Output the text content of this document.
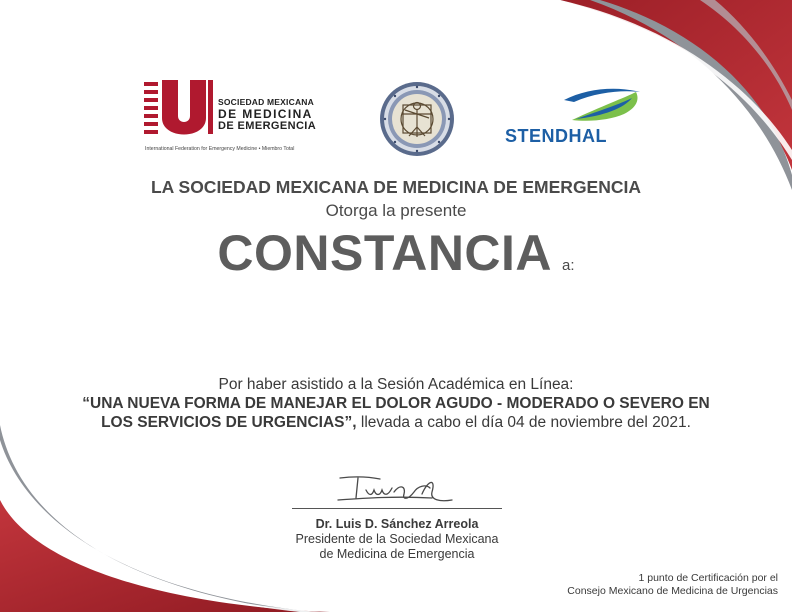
SOCIEDAD MEXICANA
DE MEDICINA
DE EMERGENCIA
International Federation for Emergency Medicine • Miembro Total
STENDHAL
LA SOCIEDAD MEXICANA DE MEDICINA DE EMERGENCIA
Otorga la presente
CONSTANCIA a:
Por haber asistido a la Sesión Académica en Línea:
“UNA NUEVA FORMA DE MANEJAR EL DOLOR AGUDO - MODERADO O SEVERO EN
LOS SERVICIOS DE URGENCIAS”, llevada a cabo el día 04 de noviembre del 2021.
Dr. Luis D. Sánchez Arreola
Presidente de la Sociedad Mexicana
de Medicina de Emergencia
1 punto de Certificación por el
Consejo Mexicano de Medicina de Urgencias
